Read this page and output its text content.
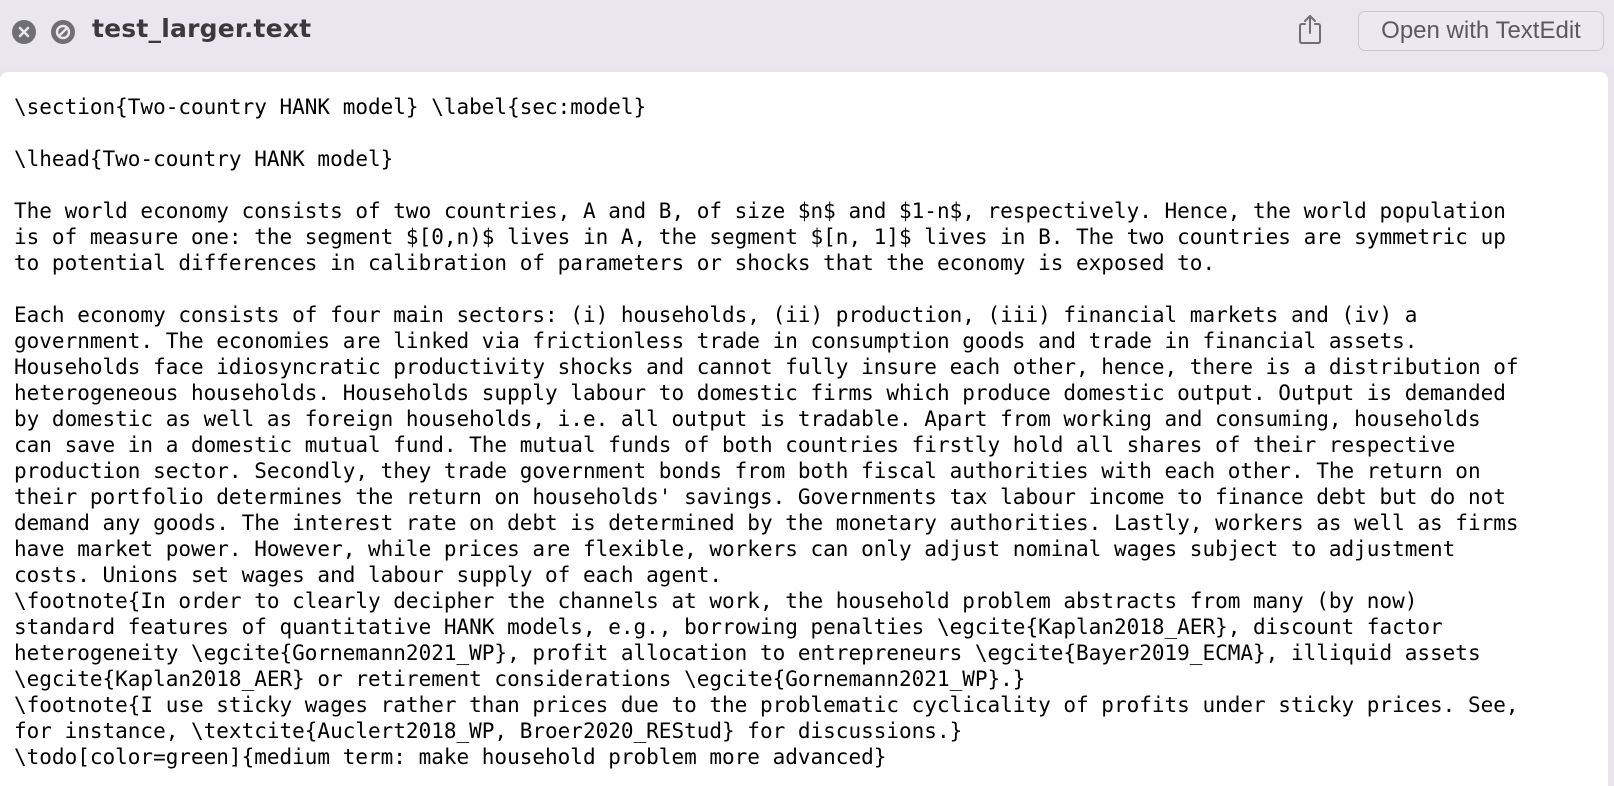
test_larger.text	Open with TextEdit
\section{Two-country HANK model} \label{sec:model}

\lhead{Two-country HANK model}

The world economy consists of two countries, A and B, of size $n$ and $1-n$, respectively. Hence, the world population
is of measure one: the segment $[0,n)$ lives in A, the segment $[n, 1]$ lives in B. The two countries are symmetric up
to potential differences in calibration of parameters or shocks that the economy is exposed to.

Each economy consists of four main sectors: (i) households, (ii) production, (iii) financial markets and (iv) a
government. The economies are linked via frictionless trade in consumption goods and trade in financial assets.
Households face idiosyncratic productivity shocks and cannot fully insure each other, hence, there is a distribution of
heterogeneous households. Households supply labour to domestic firms which produce domestic output. Output is demanded
by domestic as well as foreign households, i.e. all output is tradable. Apart from working and consuming, households
can save in a domestic mutual fund. The mutual funds of both countries firstly hold all shares of their respective
production sector. Secondly, they trade government bonds from both fiscal authorities with each other. The return on
their portfolio determines the return on households' savings. Governments tax labour income to finance debt but do not
demand any goods. The interest rate on debt is determined by the monetary authorities. Lastly, workers as well as firms
have market power. However, while prices are flexible, workers can only adjust nominal wages subject to adjustment
costs. Unions set wages and labour supply of each agent.
\footnote{In order to clearly decipher the channels at work, the household problem abstracts from many (by now)
standard features of quantitative HANK models, e.g., borrowing penalties \egcite{Kaplan2018_AER}, discount factor
heterogeneity \egcite{Gornemann2021_WP}, profit allocation to entrepreneurs \egcite{Bayer2019_ECMA}, illiquid assets
\egcite{Kaplan2018_AER} or retirement considerations \egcite{Gornemann2021_WP}.}
\footnote{I use sticky wages rather than prices due to the problematic cyclicality of profits under sticky prices. See,
for instance, \textcite{Auclert2018_WP, Broer2020_REStud} for discussions.}
\todo[color=green]{medium term: make household problem more advanced}
